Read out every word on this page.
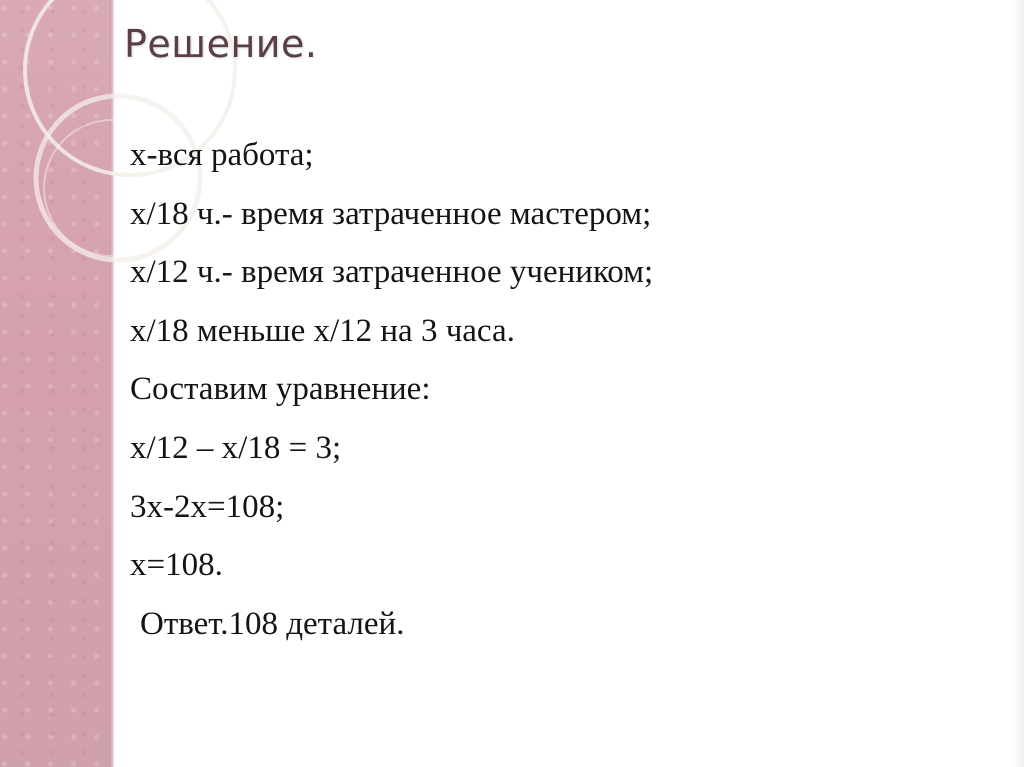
Решение.
x-вся работа;
x/18 ч.- время затраченное мастером;
x/12 ч.- время затраченное учеником;
x/18 меньше х/12 на 3 часа.
Составим уравнение:
x/12 – x/18 = 3;
3x-2x=108;
x=108.
Ответ.108 деталей.
